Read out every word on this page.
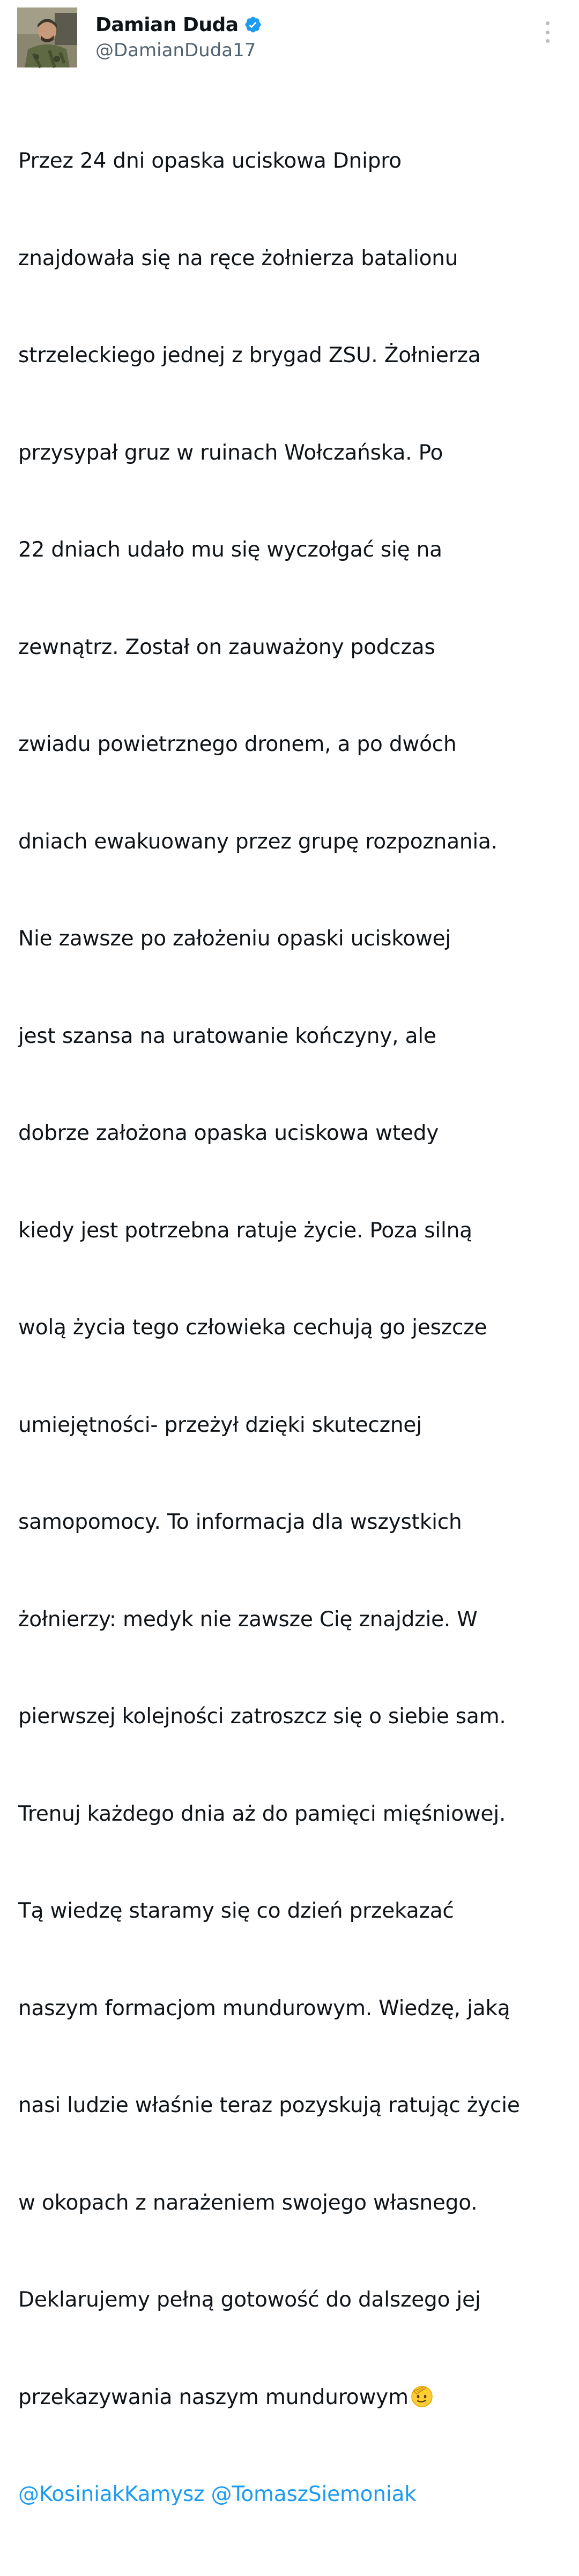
Damian Duda
@DamianDuda17

Przez 24 dni opaska uciskowa Dnipro

znajdowała się na ręce żołnierza batalionu

strzeleckiego jednej z brygad ZSU. Żołnierza

przysypał gruz w ruinach Wołczańska. Po

22 dniach udało mu się wyczołgać się na

zewnątrz. Został on zauważony podczas

zwiadu powietrznego dronem, a po dwóch

dniach ewakuowany przez grupę rozpoznania.

Nie zawsze po założeniu opaski uciskowej

jest szansa na uratowanie kończyny, ale

dobrze założona opaska uciskowa wtedy

kiedy jest potrzebna ratuje życie. Poza silną

wolą życia tego człowieka cechują go jeszcze

umiejętności- przeżył dzięki skutecznej

samopomocy. To informacja dla wszystkich

żołnierzy: medyk nie zawsze Cię znajdzie. W

pierwszej kolejności zatroszcz się o siebie sam.

Trenuj każdego dnia aż do pamięci mięśniowej.

Tą wiedzę staramy się co dzień przekazać

naszym formacjom mundurowym. Wiedzę, jaką

nasi ludzie właśnie teraz pozyskują ratując życie

w okopach z narażeniem swojego własnego.

Deklarujemy pełną gotowość do dalszego jej

przekazywania naszym mundurowym

@KosiniakKamysz @TomaszSiemoniak
